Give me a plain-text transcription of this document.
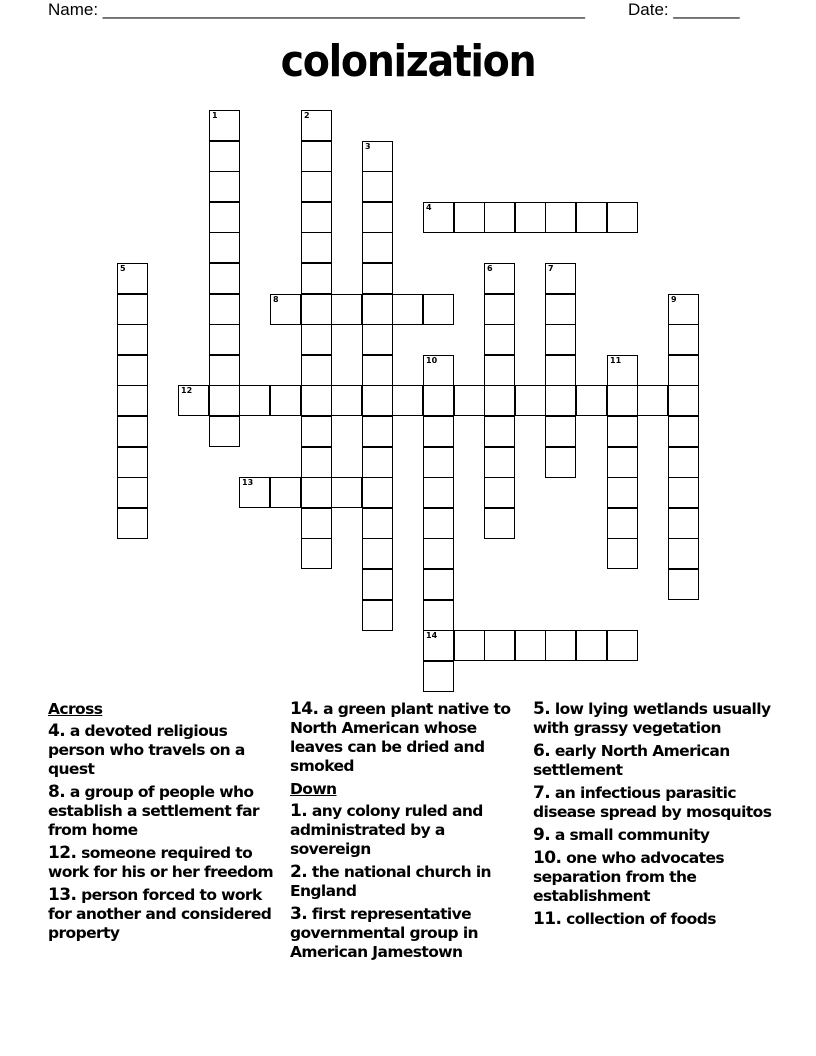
Name: ___________________________________________________	Date: _______
colonization
1	2
3
4
5	6	7
8	9
10
14
11
12
13
Across
4. a devoted religious person who travels on a quest
8. a group of people who establish a settlement far from home
12. someone required to work for his or her freedom
13. person forced to work for another and considered property
14. a green plant native to North American whose leaves can be dried and smoked
Down
1. any colony ruled and administrated by a sovereign
2. the national church in England
3. first representative governmental group in American Jamestown
5. low lying wetlands usually with grassy vegetation
6. early North American settlement
7. an infectious parasitic disease spread by mosquitos
9. a small community
10. one who advocates separation from the establishment
11. collection of foods
